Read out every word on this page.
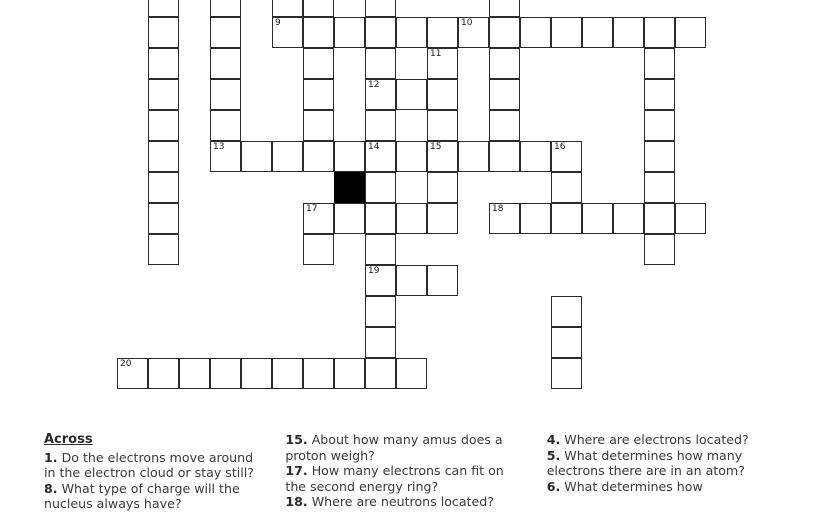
9	10
11
12
13	14	15	16
17	18
19
20
Across
1. Do the electrons move around in the electron cloud or stay still?
8. What type of charge will the nucleus always have?
15. About how many amus does a proton weigh?
17. How many electrons can fit on the second energy ring?
18. Where are neutrons located?
4. Where are electrons located?
5. What determines how many electrons there are in an atom?
6. What determines how
